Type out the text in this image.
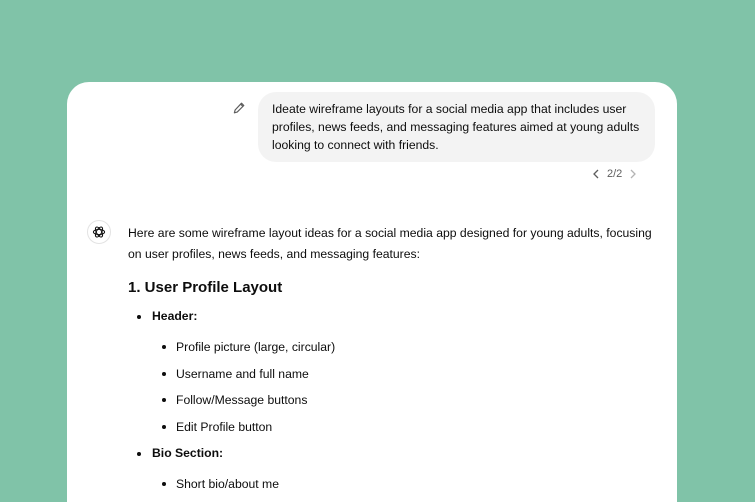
Ideate wireframe layouts for a social media app that includes user profiles, news feeds, and messaging features aimed at young adults looking to connect with friends.
2/2

Here are some wireframe layout ideas for a social media app designed for young adults, focusing on user profiles, news feeds, and messaging features:

1. User Profile Layout
Header:
Profile picture (large, circular)
Username and full name
Follow/Message buttons
Edit Profile button
Bio Section:
Short bio/about me
